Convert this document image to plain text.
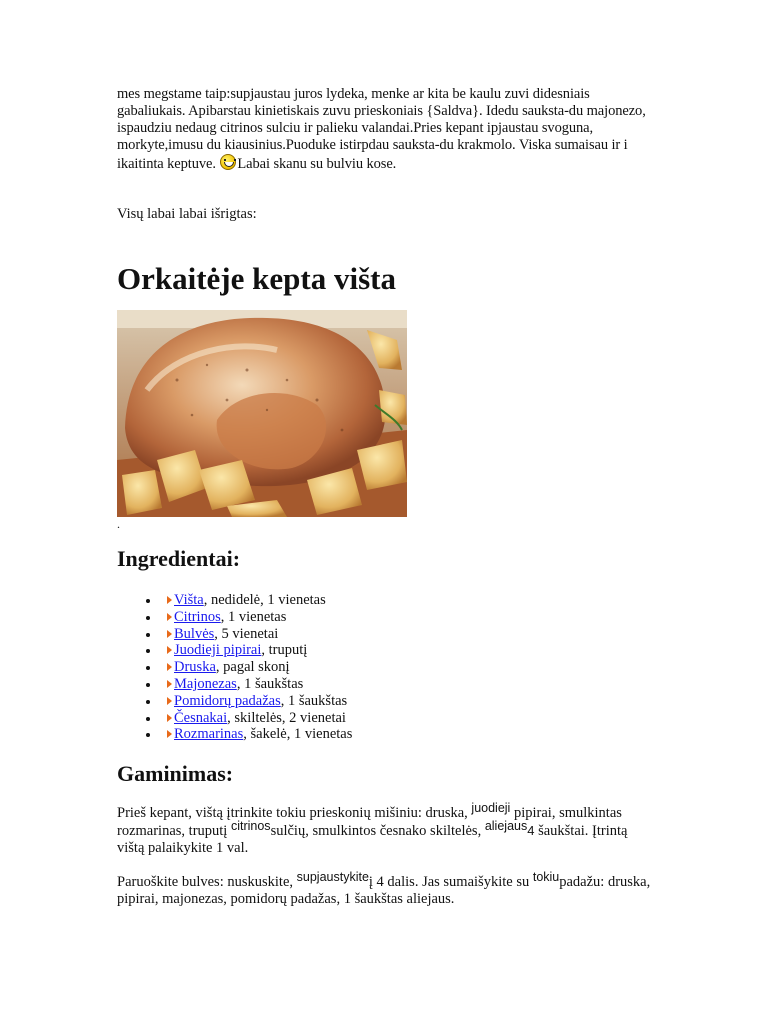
mes megstame taip:supjaustau juros lydeka, menke ar kita be kaulu zuvi didesniais gabaliukais. Apibarstau kinietiskais zuvu prieskoniais {Saldva}. Idedu sauksta-du majonezo, ispaudziu nedaug citrinos sulciu ir palieku valandai.Pries kepant ipjaustau svoguna, morkyte,imusu du kiausinius.Puoduke istirpdau sauksta-du krakmolo. Viska sumaisau ir i ikaitinta keptuve. Labai skanu su bulviu kose.

Visų labai labai išrigtas:

Orkaitėje kepta višta

.

Ingredientai:
Višta, nedidelė, 1 vienetas
Citrinos, 1 vienetas
Bulvės, 5 vienetai
Juodieji pipirai, truputį
Druska, pagal skonį
Majonezas, 1 šaukštas
Pomidorų padažas, 1 šaukštas
Česnakai, skiltelės, 2 vienetai
Rozmarinas, šakelė, 1 vienetas
Gaminimas:

Prieš kepant, vištą įtrinkite tokiu prieskonių mišiniu: druska, $^{juodieji}$ pipirai, smulkintas rozmarinas, truputį $^{citrinos}$sulčių, smulkintos česnako skiltelės, $^{aliejaus}$4 šaukštai. Įtrintą vištą palaikykite 1 val.

Paruoškite bulves: nuskuskite, $^{supjaustykite}$į 4 dalis. Jas sumaišykite su $^{tokiu}$padažu: druska, pipirai, majonezas, pomidorų padažas, 1 šaukštas aliejaus.
